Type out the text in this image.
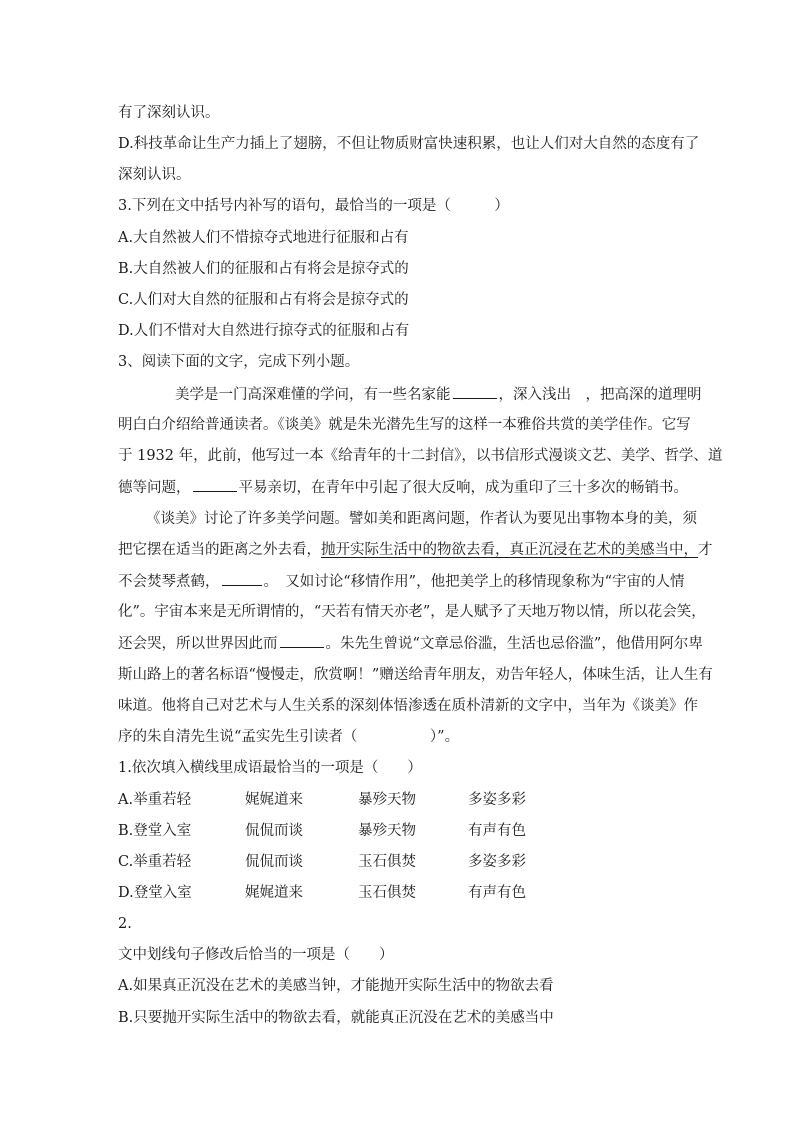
有了深刻认识。
D.科技革命让生产力插上了翅膀，不但让物质财富快速积累，也让人们对大自然的态度有了
深刻认识。
3.下列在文中括号内补写的语句，最恰当的一项是（　　　）
A.大自然被人们不惜掠夺式地进行征服和占有
B.大自然被人们的征服和占有将会是掠夺式的
C.人们对大自然的征服和占有将会是掠夺式的
D.人们不惜对大自然进行掠夺式的征服和占有
3、阅读下面的文字，完成下列小题。
美学是一门高深难懂的学问，有一些名家能	，深入浅出　，把高深的道理明
明白白介绍给普通读者。《谈美》就是朱光潜先生写的这样一本雅俗共赏的美学佳作。它写
于 1932 年，此前，他写过一本《给青年的十二封信》，以书信形式漫谈文艺、美学、哲学、道
德等问题，	平易亲切，在青年中引起了很大反响，成为重印了三十多次的畅销书。
《谈美》讨论了许多美学问题。譬如美和距离问题，作者认为要见出事物本身的美，须
把它摆在适当的距离之外去看，抛开实际生活中的物欲去看，真正沉浸在艺术的美感当中，才
不会焚琴煮鹤，	。　又如讨论“移情作用”，他把美学上的移情现象称为“宇宙的人情
化”。宇宙本来是无所谓情的，“天若有情天亦老”，是人赋予了天地万物以情，所以花会笑，
还会哭，所以世界因此而	。朱先生曾说“文章忌俗滥，生活也忌俗滥”，他借用阿尔卑
斯山路上的著名标语“慢慢走，欣赏啊！”赠送给青年朋友，劝告年轻人，体味生活，让人生有
味道。他将自己对艺术与人生关系的深刻体悟渗透在质朴清新的文字中，当年为《谈美》作
序的朱自清先生说“孟实先生引读者（　　　　　）”。
1.依次填入横线里成语最恰当的一项是（　　）
A.举重若轻	娓娓道来	暴殄天物	多姿多彩
B.登堂入室	侃侃而谈	暴殄天物	有声有色
C.举重若轻	侃侃而谈	玉石俱焚	多姿多彩
D.登堂入室	娓娓道来	玉石俱焚	有声有色
2.
文中划线句子修改后恰当的一项是（　　）
A.如果真正沉没在艺术的美感当钟，才能抛开实际生活中的物欲去看
B.只要抛开实际生活中的物欲去看，就能真正沉没在艺术的美感当中
